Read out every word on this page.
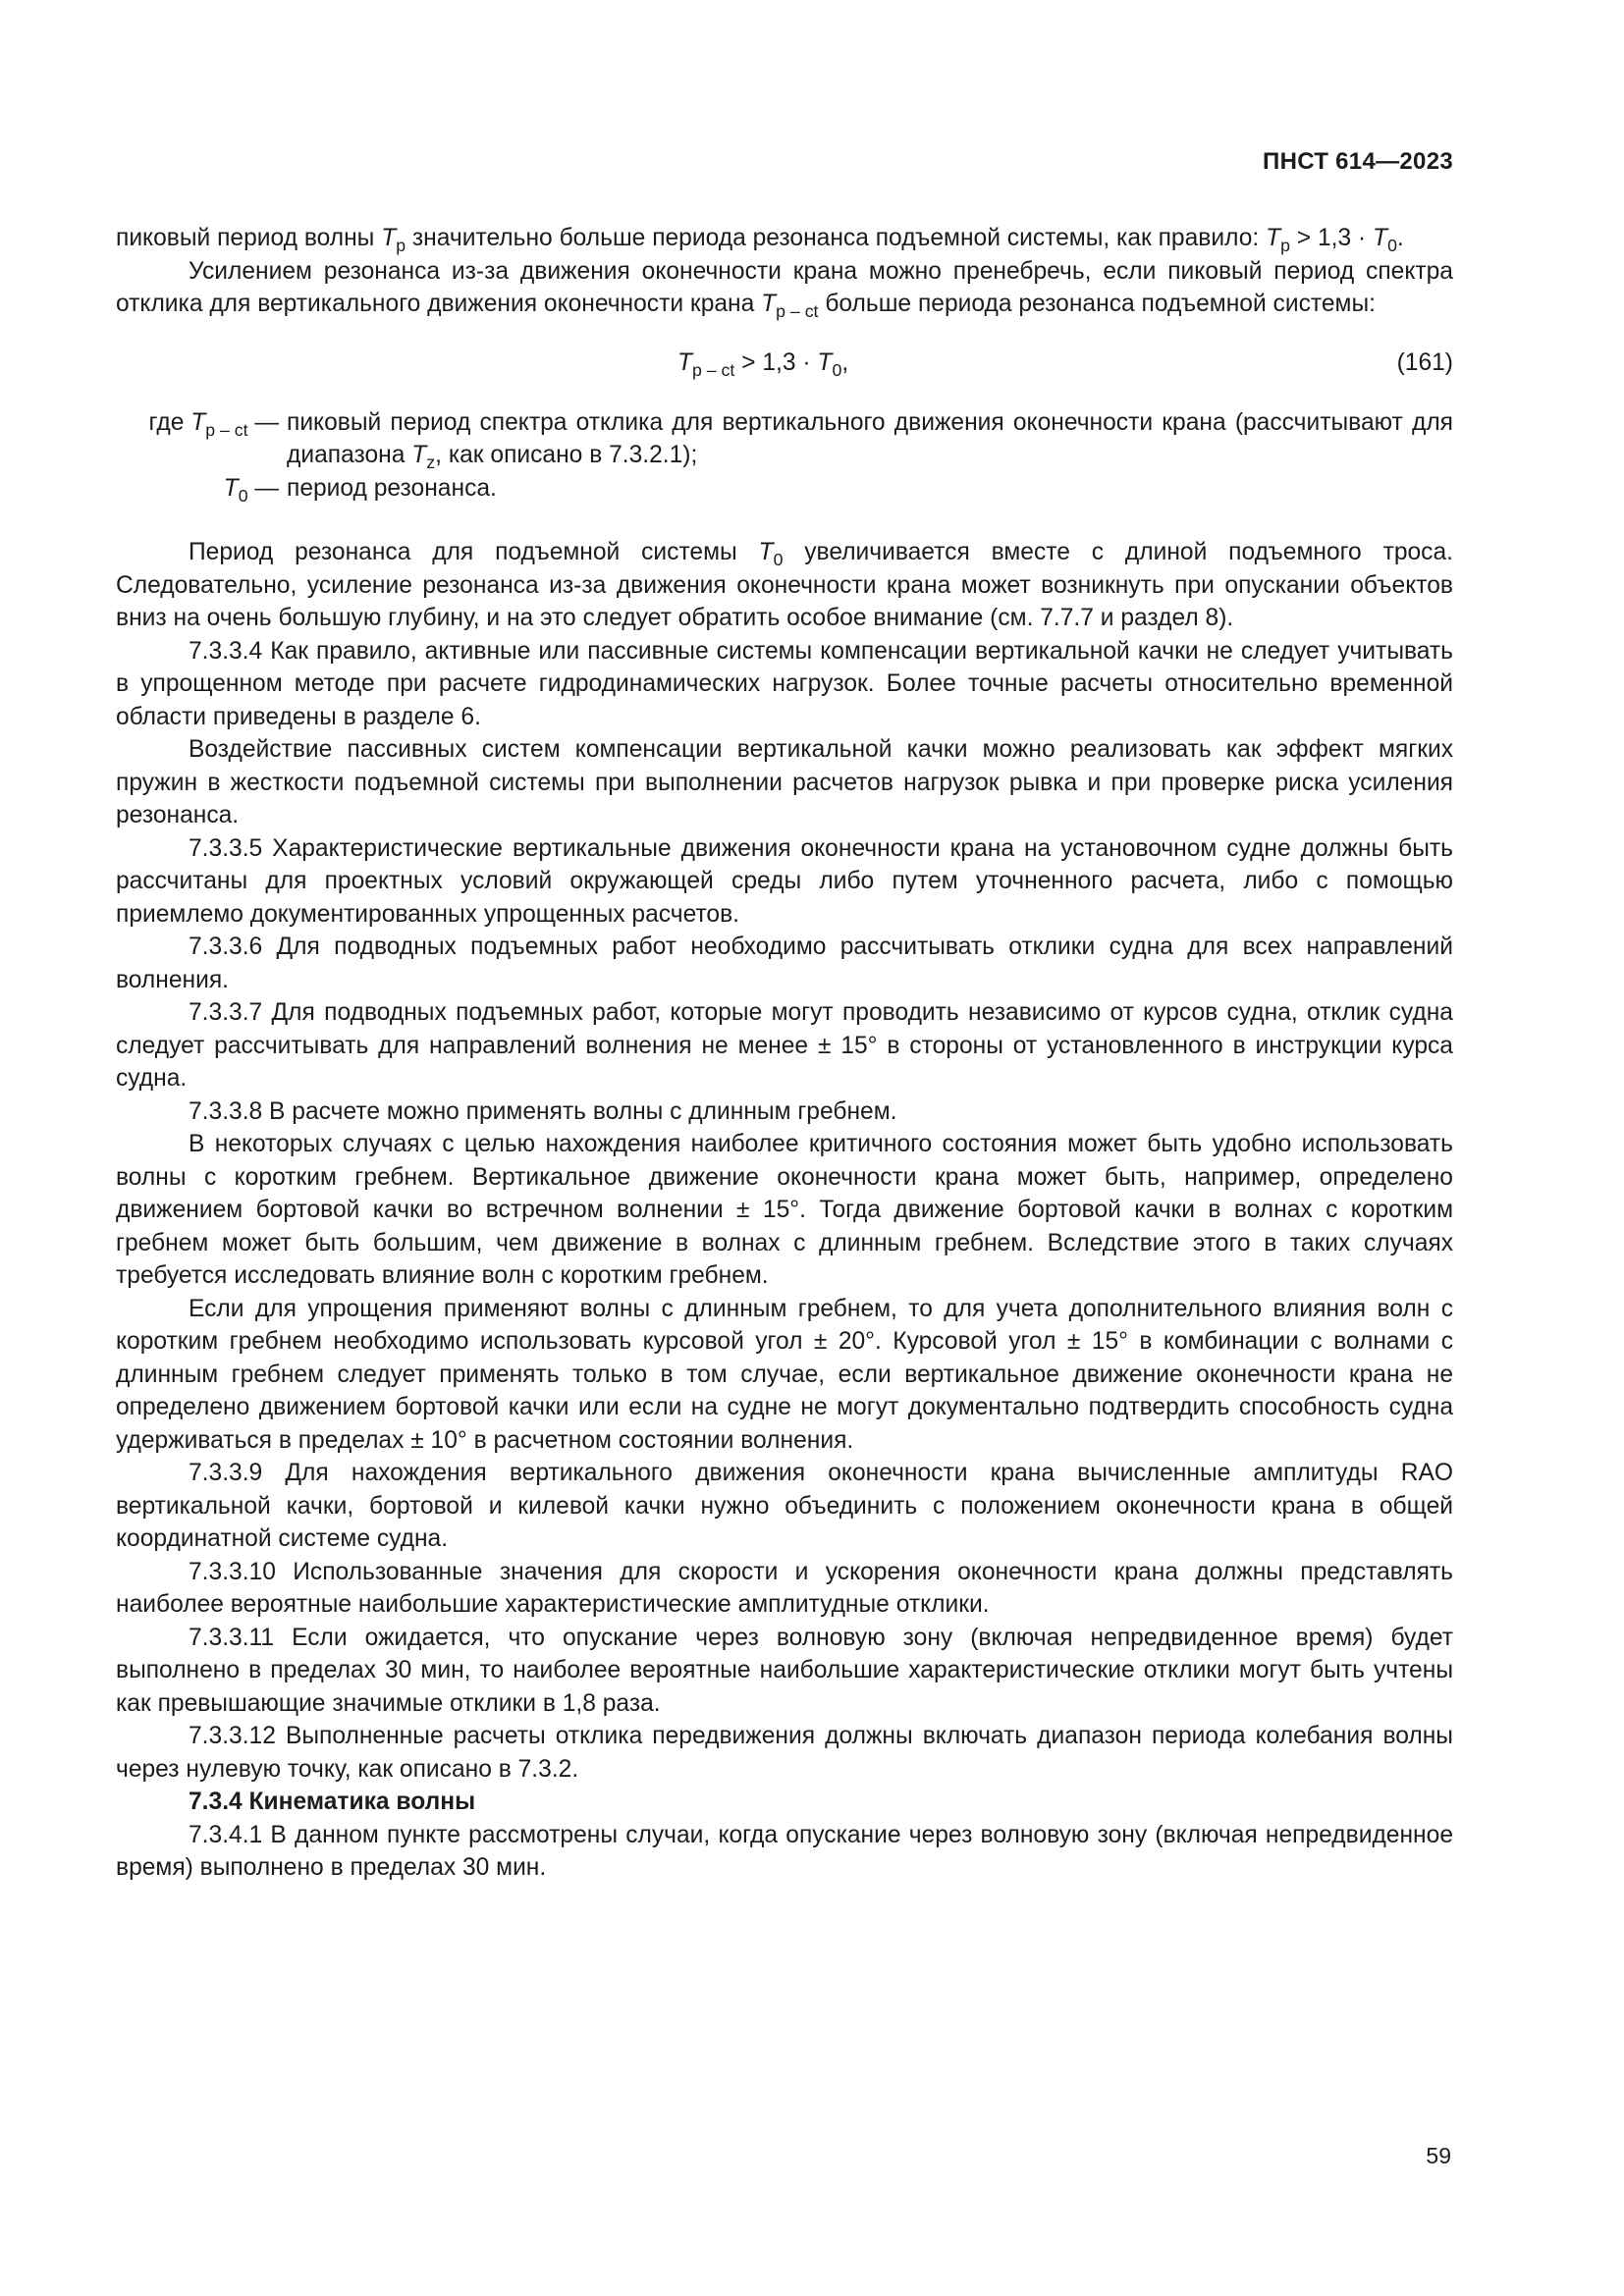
ПНСТ 614—2023

пиковый период волны $T_p$ значительно больше периода резонанса подъемной системы, как правило: $T_p > 1,3 \cdot T_0$.

Усилением резонанса из-за движения оконечности крана можно пренебречь, если пиковый период спектра отклика для вертикального движения оконечности крана $T_{p - ct}$ больше периода резонанса подъемной системы:

$T_{p - ct} > 1,3 \cdot T_0$,	(161)
где $T_{p - ct}$ — пиковый период спектра отклика для вертикального движения оконечности крана (рассчитывают для диапазона $T_z$, как описано в 7.3.2.1);
$T_0$ — период резонанса.

Период резонанса для подъемной системы $T_0$ увеличивается вместе с длиной подъемного троса. Следовательно, усиление резонанса из-за движения оконечности крана может возникнуть при опускании объектов вниз на очень большую глубину, и на это следует обратить особое внимание (см. 7.7.7 и раздел 8).

7.3.3.4 Как правило, активные или пассивные системы компенсации вертикальной качки не следует учитывать в упрощенном методе при расчете гидродинамических нагрузок. Более точные расчеты относительно временной области приведены в разделе 6.

Воздействие пассивных систем компенсации вертикальной качки можно реализовать как эффект мягких пружин в жесткости подъемной системы при выполнении расчетов нагрузок рывка и при проверке риска усиления резонанса.

7.3.3.5 Характеристические вертикальные движения оконечности крана на установочном судне должны быть рассчитаны для проектных условий окружающей среды либо путем уточненного расчета, либо с помощью приемлемо документированных упрощенных расчетов.

7.3.3.6 Для подводных подъемных работ необходимо рассчитывать отклики судна для всех направлений волнения.

7.3.3.7 Для подводных подъемных работ, которые могут проводить независимо от курсов судна, отклик судна следует рассчитывать для направлений волнения не менее ± 15° в стороны от установленного в инструкции курса судна.

7.3.3.8 В расчете можно применять волны с длинным гребнем.

В некоторых случаях с целью нахождения наиболее критичного состояния может быть удобно использовать волны с коротким гребнем. Вертикальное движение оконечности крана может быть, например, определено движением бортовой качки во встречном волнении ± 15°. Тогда движение бортовой качки в волнах с коротким гребнем может быть большим, чем движение в волнах с длинным гребнем. Вследствие этого в таких случаях требуется исследовать влияние волн с коротким гребнем.

Если для упрощения применяют волны с длинным гребнем, то для учета дополнительного влияния волн с коротким гребнем необходимо использовать курсовой угол ± 20°. Курсовой угол ± 15° в комбинации с волнами с длинным гребнем следует применять только в том случае, если вертикальное движение оконечности крана не определено движением бортовой качки или если на судне не могут документально подтвердить способность судна удерживаться в пределах ± 10° в расчетном состоянии волнения.

7.3.3.9 Для нахождения вертикального движения оконечности крана вычисленные амплитуды RAO вертикальной качки, бортовой и килевой качки нужно объединить с положением оконечности крана в общей координатной системе судна.

7.3.3.10 Использованные значения для скорости и ускорения оконечности крана должны представлять наиболее вероятные наибольшие характеристические амплитудные отклики.

7.3.3.11 Если ожидается, что опускание через волновую зону (включая непредвиденное время) будет выполнено в пределах 30 мин, то наиболее вероятные наибольшие характеристические отклики могут быть учтены как превышающие значимые отклики в 1,8 раза.

7.3.3.12 Выполненные расчеты отклика передвижения должны включать диапазон периода колебания волны через нулевую точку, как описано в 7.3.2.

7.3.4 Кинематика волны

7.3.4.1 В данном пункте рассмотрены случаи, когда опускание через волновую зону (включая непредвиденное время) выполнено в пределах 30 мин.

59
